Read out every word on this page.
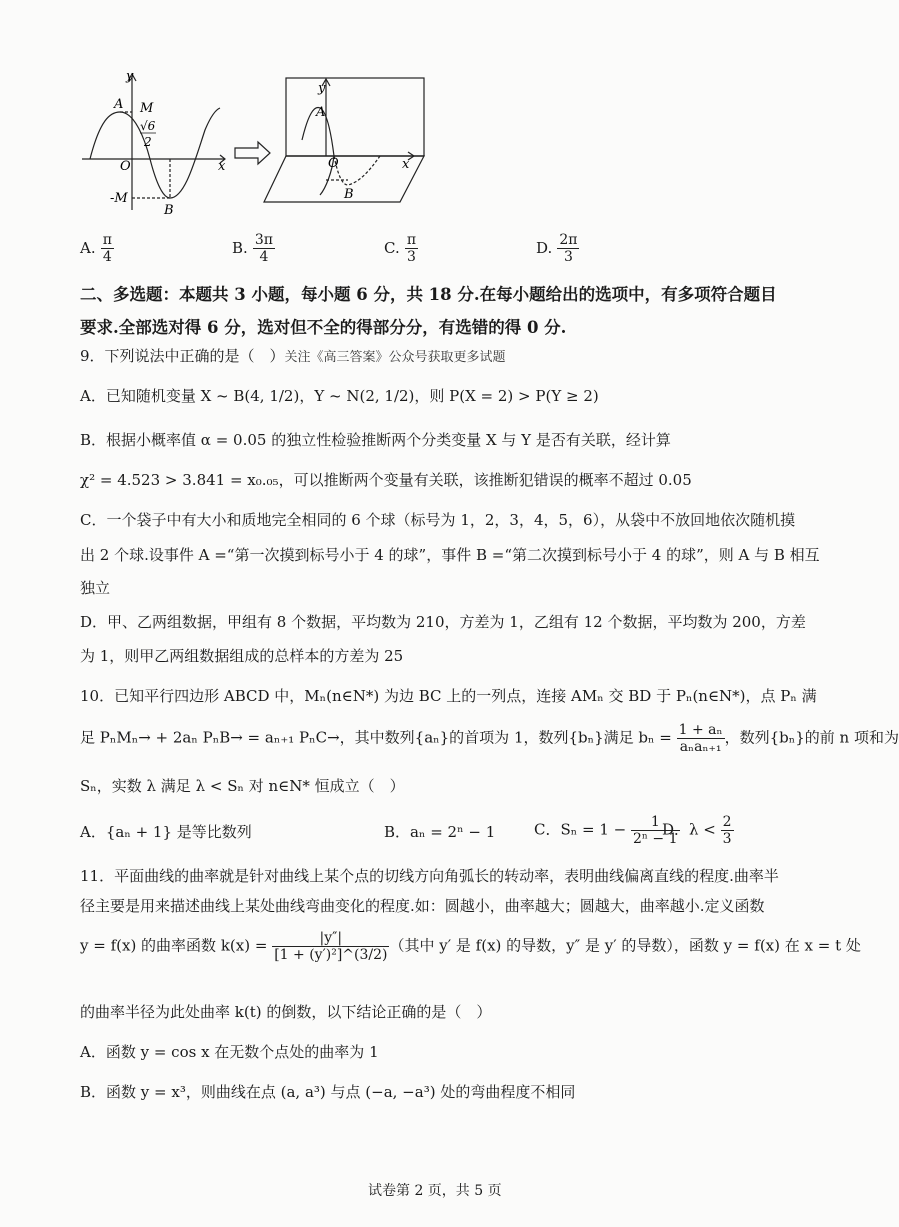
y
A M
√6
2
O	x
-M
B
y
A
O	x
B
A. $\frac{\pi}{4}$	B. $\frac{3\pi}{4}$	C. $\frac{\pi}{3}$	D. $\frac{2\pi}{3}$
二、多选题：本题共 3 小题，每小题 6 分，共 18 分.在每小题给出的选项中，有多项符合题目
要求.全部选对得 6 分，选对但不全的得部分分，有选错的得 0 分.
9．下列说法中正确的是（　）关注《高三答案》公众号获取更多试题
A．已知随机变量 X ~ B(4, 1/2)，Y ~ N(2, 1/2)，则 P(X = 2) > P(Y ≥ 2)
B．根据小概率值 α = 0.05 的独立性检验推断两个分类变量 X 与 Y 是否有关联，经计算
χ² = 4.523 > 3.841 = x₀.₀₅，可以推断两个变量有关联，该推断犯错误的概率不超过 0.05
C．一个袋子中有大小和质地完全相同的 6 个球（标号为 1，2，3，4，5，6），从袋中不放回地依次随机摸
出 2 个球.设事件 A =“第一次摸到标号小于 4 的球”，事件 B =“第二次摸到标号小于 4 的球”，则 A 与 B 相互
独立
D．甲、乙两组数据，甲组有 8 个数据，平均数为 210，方差为 1，乙组有 12 个数据，平均数为 200，方差
为 1，则甲乙两组数据组成的总样本的方差为 25
10．已知平行四边形 ABCD 中，Mₙ(n∈N*) 为边 BC 上的一列点，连接 AMₙ 交 BD 于 Pₙ(n∈N*)，点 Pₙ 满
足 PₙMₙ→ + 2aₙ PₙB→ = aₙ₊₁ PₙC→，其中数列{aₙ}的首项为 1，数列{bₙ}满足 $b_n = \frac{\text{1 + aₙ}}{\text{aₙaₙ₊₁}}$ ，数列{bₙ}的前 n 项和为
Sₙ，实数 λ 满足 λ < Sₙ 对 n∈N* 恒成立（　）
A．{aₙ + 1} 是等比数列	B．aₙ = 2ⁿ − 1	C．$S_n = 1 - \frac{1}{\text{2ⁿ − 1}}$
D．$\lambda < \frac{2}{3}$
11．平面曲线的曲率就是针对曲线上某个点的切线方向角弧长的转动率，表明曲线偏离直线的程度.曲率半
径主要是用来描述曲线上某处曲线弯曲变化的程度.如：圆越小，曲率越大；圆越大，曲率越小.定义函数
y = f(x) 的曲率函数 $k(x) = \frac{|y''|}{\text{[1 + (y′)²]\textasciicircum{}(3/2)}}$ （其中 y′ 是 f(x) 的导数，y″ 是 y′ 的导数），函数 y = f(x) 在 x = t 处
的曲率半径为此处曲率 k(t) 的倒数，以下结论正确的是（　）
A．函数 y = cos x 在无数个点处的曲率为 1
B．函数 y = x³，则曲线在点 (a, a³) 与点 (−a, −a³) 处的弯曲程度不相同
试卷第 2 页，共 5 页
